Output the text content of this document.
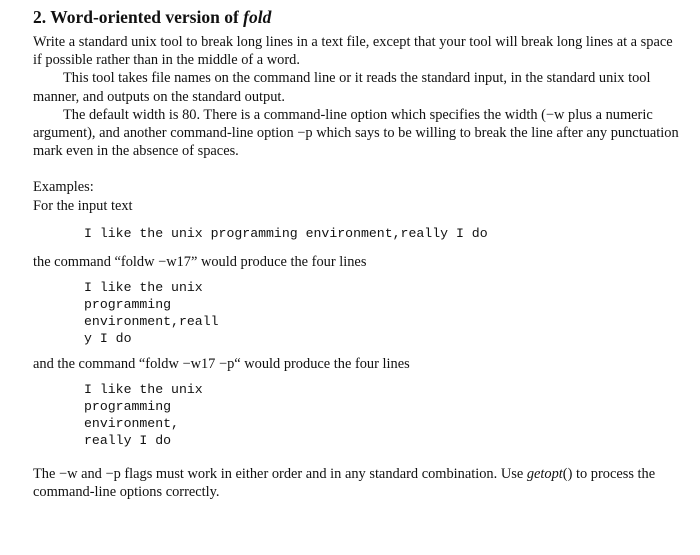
2. Word-oriented version of fold

Write a standard unix tool to break long lines in a text file, except that your tool will break long lines at a space if possible rather than in the middle of a word.

This tool takes file names on the command line or it reads the standard input, in the standard unix tool manner, and outputs on the standard output.

The default width is 80. There is a command-line option which specifies the width (−w plus a numeric argument), and another command-line option −p which says to be willing to break the line after any punctuation mark even in the absence of spaces.

Examples:

For the input text

I like the unix programming environment,really I do

the command “foldw −w17” would produce the four lines

I like the unix

programming

environment,reall

y I do

and the command “foldw −w17 −p“ would produce the four lines

I like the unix

programming

environment,

really I do

The −w and −p flags must work in either order and in any standard combination. Use getopt() to process the command-line options correctly.
